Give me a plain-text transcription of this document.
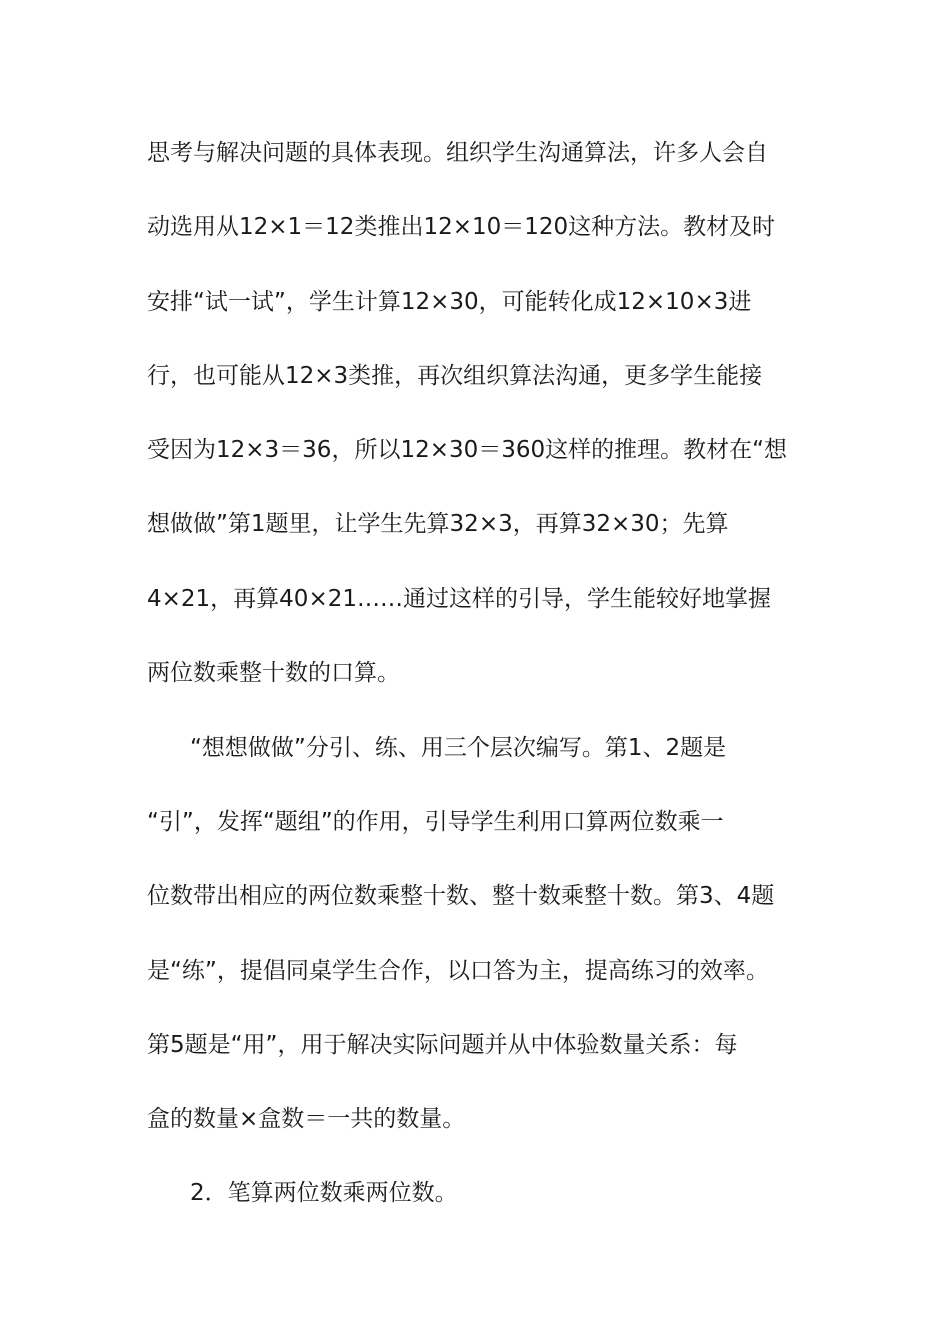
思考与解决问题的具体表现。组织学生沟通算法，许多人会自
动选用从12×1＝12类推出12×10＝120这种方法。教材及时
安排“试一试”，学生计算12×30，可能转化成12×10×3进
行，也可能从12×3类推，再次组织算法沟通，更多学生能接
受因为12×3＝36，所以12×30＝360这样的推理。教材在“想
想做做”第1题里，让学生先算32×3，再算32×30；先算
4×21，再算40×21……通过这样的引导，学生能较好地掌握
两位数乘整十数的口算。
“想想做做”分引、练、用三个层次编写。第1、2题是
“引”，发挥“题组”的作用，引导学生利用口算两位数乘一
位数带出相应的两位数乘整十数、整十数乘整十数。第3、4题
是“练”，提倡同桌学生合作，以口答为主，提高练习的效率。
第5题是“用”，用于解决实际问题并从中体验数量关系：每
盒的数量×盒数＝一共的数量。
2．笔算两位数乘两位数。
